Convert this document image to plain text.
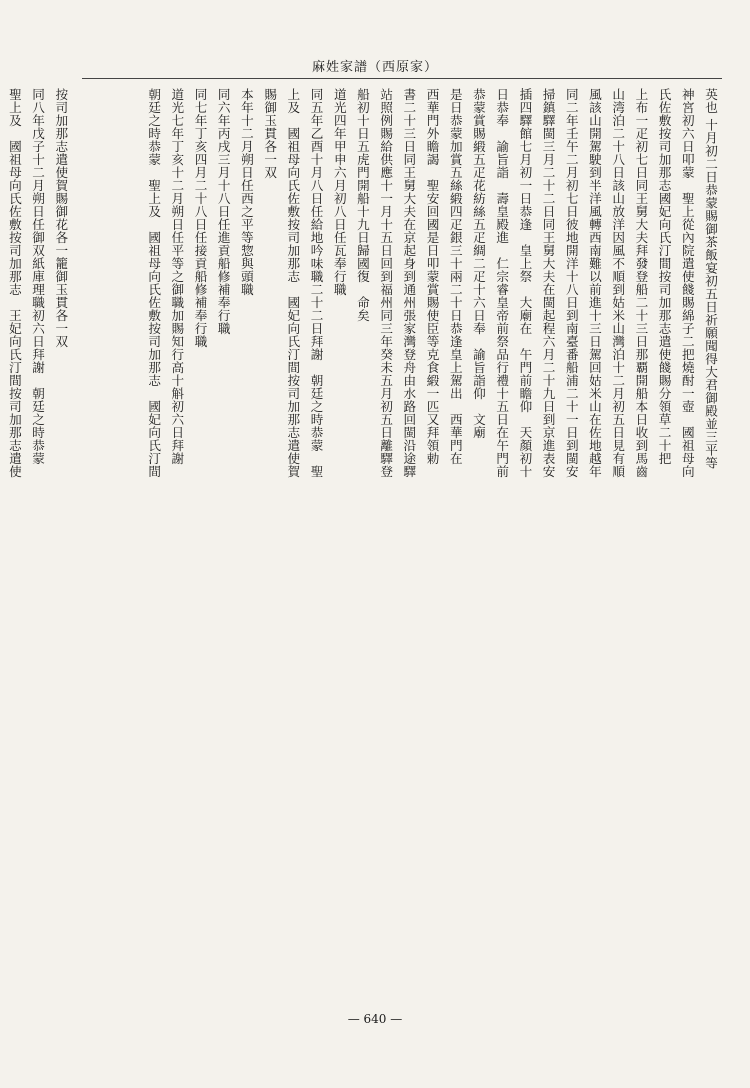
麻姓家譜（西原家）
英也 十月初二日恭蒙賜御茶飯宴初五日祈願聞得大君御殿並三平等
神宮初六日叩蒙　聖上從內院遣使餞賜綿子二把燒酎一壺　國祖母向
氏佐敷按司加那志國妃向氏汀間按司加那志遣使餞賜分領草二十把
上布一疋初七日同王舅大夫拜發登船二十三日那覇開船本日收到馬齒
山湾泊二十八日該山放洋因風不順到姑米山灣泊十二月初五日見有順
風該山開駕駛到半洋風轉西南難以前進十三日駕回姑米山在佐地越年
同二年壬午二月初七日彼地開洋十八日到南臺番船浦二十一日到閩安
掃鎮驛閩三月二十二日同王舅大夫在閩起程六月二十九日到京進表安
插四驛館七月初一日恭逢　皇上祭　大廟在　午門前瞻仰　天顏初十
日恭奉　諭旨詣　壽皇殿進　仁宗睿皇帝前祭品行禮十五日在午門前
恭蒙賞賜緞五疋花紡絲五疋綢二疋十六日奉　諭旨詣仰　文廟
是日恭蒙加賞五絲緞四疋銀三十兩二十日恭逢皇上駕出　西華門在
西華門外瞻謁　聖安回國是日叩蒙賞賜使臣等克食緞一匹又拜領勅
書二十三日同王舅大夫在京起身到通州張家灣登舟由水路回閩沿途驛
站照例賜給供應十一月十五日回到福州同三年癸未五月初五日離驛登
船初十日五虎門開船十九日歸國復　命矣
道光四年甲申六月初八日任瓦奉行職
同五年乙酉十月八日任給地吟味職二十二日拜謝　朝廷之時恭蒙　聖
上及　國祖母向氏佐敷按司加那志　國妃向氏汀間按司加那志遣使賀
賜御玉貫各一双
本年十二月朔日任西之平等惣與頭職
同六年丙戌三月十八日任進貢船修補奉行職
同七年丁亥四月二十八日任接貢船修補奉行職
道光七年丁亥十二月朔日任平等之御職加賜知行高十斛初六日拜謝
朝廷之時恭蒙　聖上及　國祖母向氏佐敷按司加那志　國妃向氏汀間

按司加那志遣使賀賜御花各一籠御玉貫各一双
同八年戊子十二月朔日任御双紙庫理職初六日拜謝　朝廷之時恭蒙
聖上及　國祖母向氏佐敷按司加那志　王妃向氏汀間按司加那志遣使

— 640 —
